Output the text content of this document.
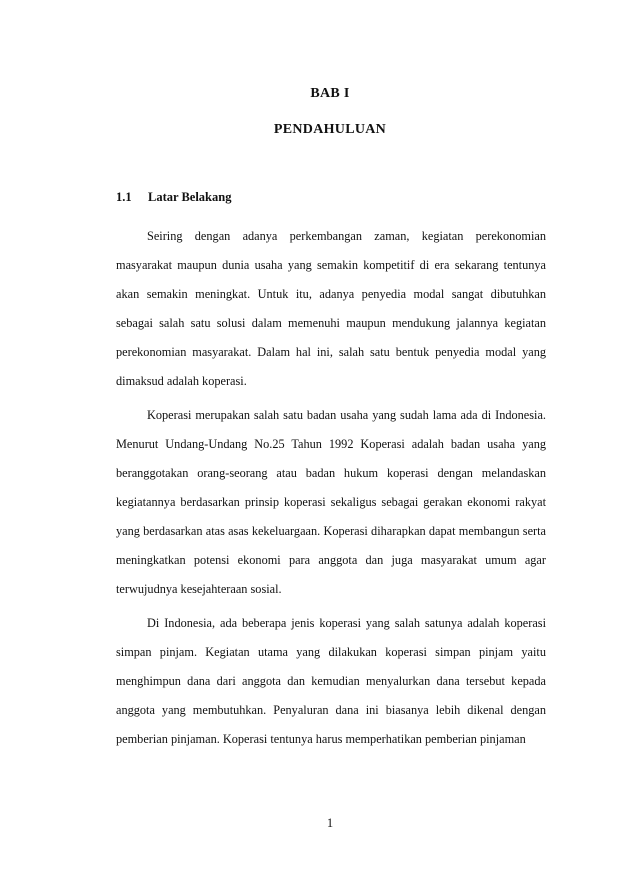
BAB I
PENDAHULUAN
1.1 Latar Belakang

Seiring dengan adanya perkembangan zaman, kegiatan perekonomian masyarakat maupun dunia usaha yang semakin kompetitif di era sekarang tentunya akan semakin meningkat. Untuk itu, adanya penyedia modal sangat dibutuhkan sebagai salah satu solusi dalam memenuhi maupun mendukung jalannya kegiatan perekonomian masyarakat. Dalam hal ini, salah satu bentuk penyedia modal yang dimaksud adalah koperasi.

Koperasi merupakan salah satu badan usaha yang sudah lama ada di Indonesia. Menurut Undang-Undang No.25 Tahun 1992 Koperasi adalah badan usaha yang beranggotakan orang-seorang atau badan hukum koperasi dengan melandaskan kegiatannya berdasarkan prinsip koperasi sekaligus sebagai gerakan ekonomi rakyat yang berdasarkan atas asas kekeluargaan. Koperasi diharapkan dapat membangun serta meningkatkan potensi ekonomi para anggota dan juga masyarakat umum agar terwujudnya kesejahteraan sosial.

Di Indonesia, ada beberapa jenis koperasi yang salah satunya adalah koperasi simpan pinjam. Kegiatan utama yang dilakukan koperasi simpan pinjam yaitu menghimpun dana dari anggota dan kemudian menyalurkan dana tersebut kepada anggota yang membutuhkan. Penyaluran dana ini biasanya lebih dikenal dengan pemberian pinjaman. Koperasi tentunya harus memperhatikan pemberian pinjaman

1
